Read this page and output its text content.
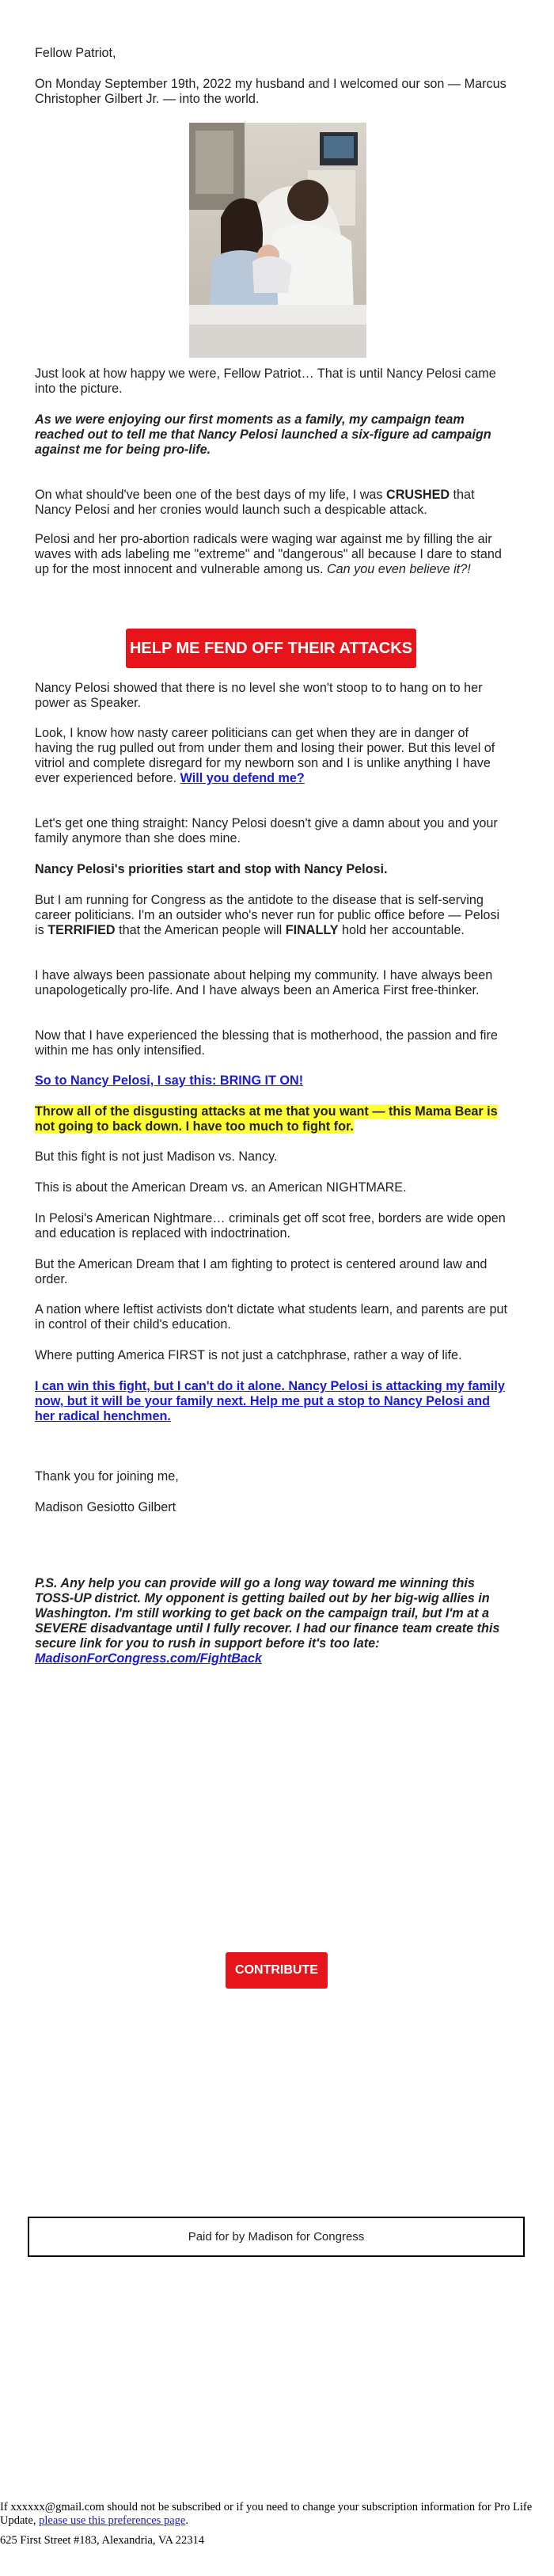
Fellow Patriot,

On Monday September 19th, 2022 my husband and I welcomed our son — Marcus Christopher Gilbert Jr. — into the world.

Just look at how happy we were, Fellow Patriot… That is until Nancy Pelosi came into the picture.

As we were enjoying our first moments as a family, my campaign team reached out to tell me that Nancy Pelosi launched a six-figure ad campaign against me for being pro-life.

On what should've been one of the best days of my life, I was CRUSHED that Nancy Pelosi and her cronies would launch such a despicable attack.

Pelosi and her pro-abortion radicals were waging war against me by filling the air waves with ads labeling me "extreme" and "dangerous" all because I dare to stand up for the most innocent and vulnerable among us. Can you even believe it?!

Nancy Pelosi showed that there is no level she won't stoop to to hang on to her power as Speaker.

Look, I know how nasty career politicians can get when they are in danger of having the rug pulled out from under them and losing their power. But this level of vitriol and complete disregard for my newborn son and I is unlike anything I have ever experienced before. Will you defend me?

Let's get one thing straight: Nancy Pelosi doesn't give a damn about you and your family anymore than she does mine.

Nancy Pelosi's priorities start and stop with Nancy Pelosi.

But I am running for Congress as the antidote to the disease that is self-serving career politicians. I'm an outsider who's never run for public office before — Pelosi is TERRIFIED that the American people will FINALLY hold her accountable.

I have always been passionate about helping my community. I have always been unapologetically pro-life. And I have always been an America First free-thinker.

Now that I have experienced the blessing that is motherhood, the passion and fire within me has only intensified.

So to Nancy Pelosi, I say this: BRING IT ON!

Throw all of the disgusting attacks at me that you want — this Mama Bear is not going to back down. I have too much to fight for.

But this fight is not just Madison vs. Nancy.

This is about the American Dream vs. an American NIGHTMARE.

In Pelosi's American Nightmare… criminals get off scot free, borders are wide open and education is replaced with indoctrination.

But the American Dream that I am fighting to protect is centered around law and order.

A nation where leftist activists don't dictate what students learn, and parents are put in control of their child's education.

Where putting America FIRST is not just a catchphrase, rather a way of life.

I can win this fight, but I can't do it alone. Nancy Pelosi is attacking my family now, but it will be your family next. Help me put a stop to Nancy Pelosi and her radical henchmen.

Thank you for joining me,

Madison Gesiotto Gilbert

P.S. Any help you can provide will go a long way toward me winning this TOSS-UP district. My opponent is getting bailed out by her big-wig allies in Washington. I'm still working to get back on the campaign trail, but I'm at a SEVERE disadvantage until I fully recover. I had our finance team create this secure link for you to rush in support before it's too late: MadisonForCongress.com/FightBack

HELP ME FEND OFF THEIR ATTACKS
CONTRIBUTE
Paid for by Madison for Congress
If xxxxxx@gmail.com should not be subscribed or if you need to change your subscription information for Pro Life Update, please use this preferences page.
625 First Street #183, Alexandria, VA 22314
